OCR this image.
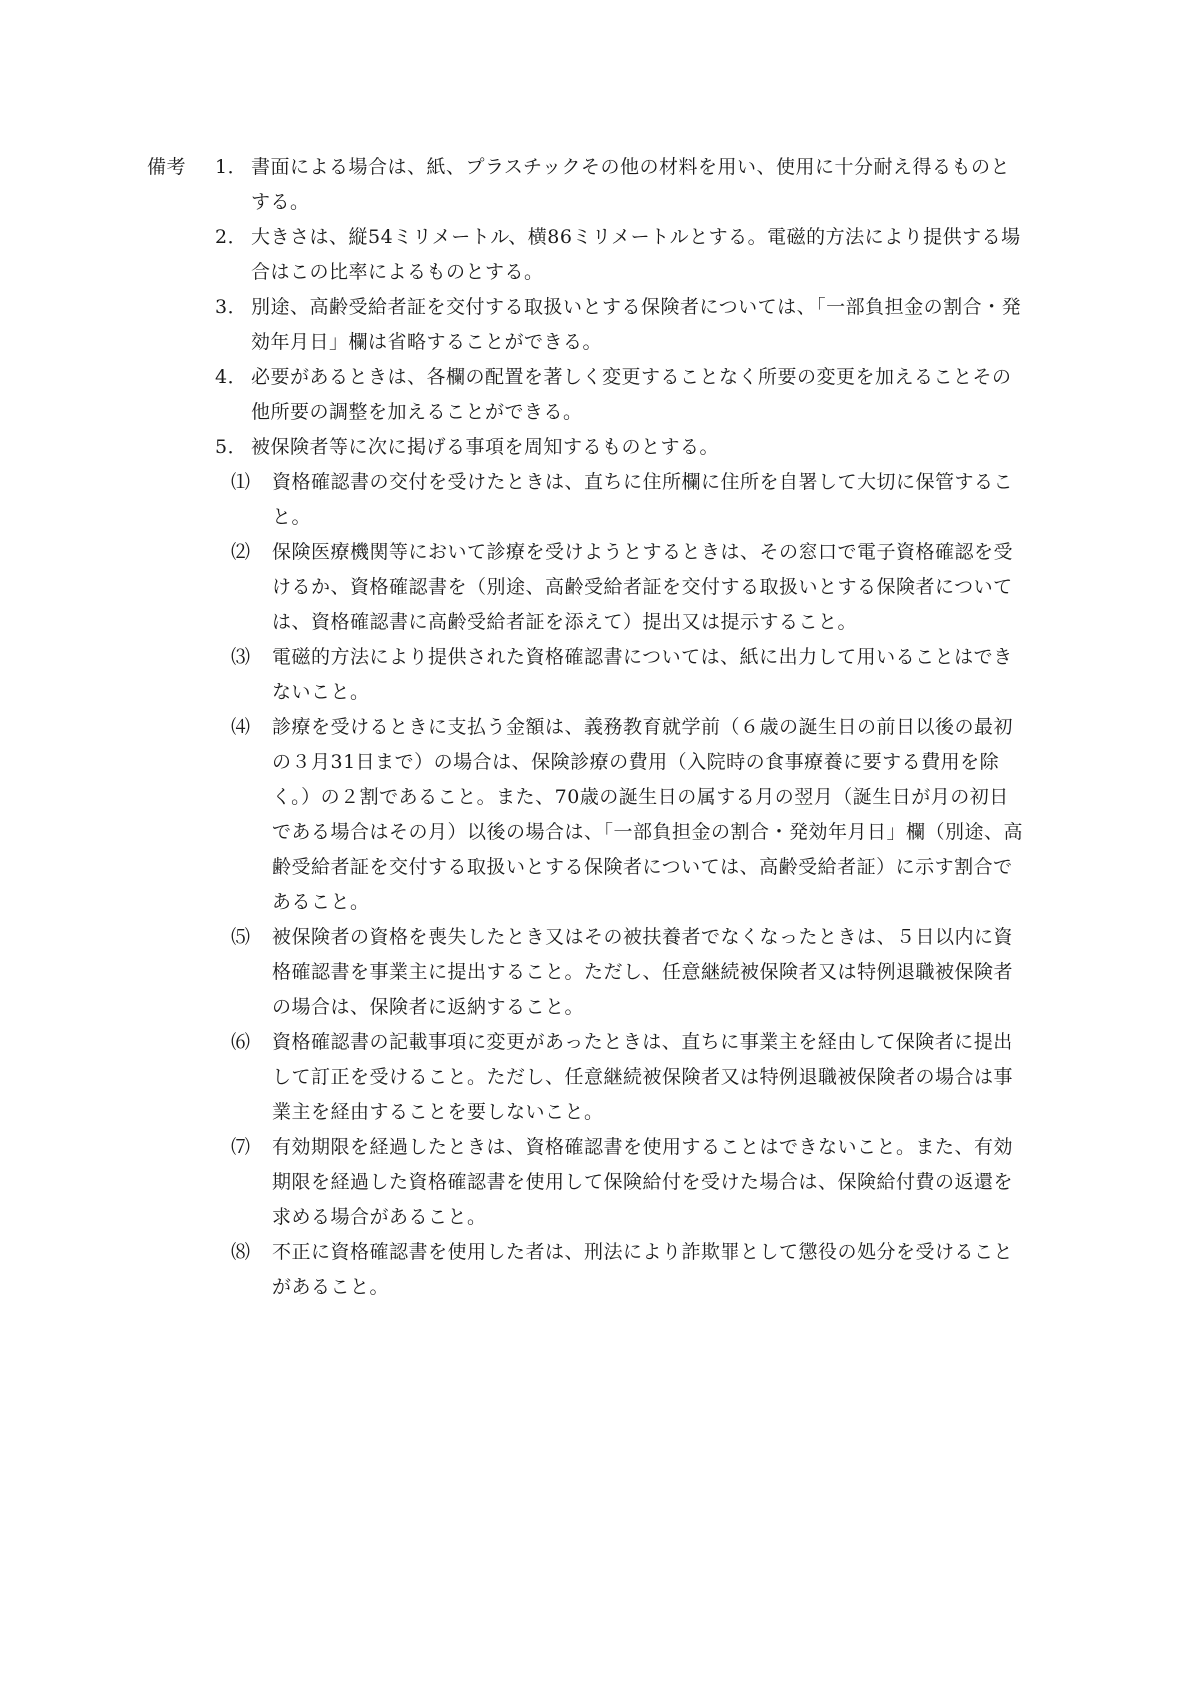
備考	1． 書面による場合は、紙、プラスチックその他の材料を用い、使用に十分耐え得るものとする。
2． 大きさは、縦54ミリメートル、横86ミリメートルとする。電磁的方法により提供する場合はこの比率によるものとする。
3． 別途、高齢受給者証を交付する取扱いとする保険者については、「一部負担金の割合・発効年月日」欄は省略することができる。
4． 必要があるときは、各欄の配置を著しく変更することなく所要の変更を加えることその他所要の調整を加えることができる。
5． 被保険者等に次に掲げる事項を周知するものとする。
⑴ 資格確認書の交付を受けたときは、直ちに住所欄に住所を自署して大切に保管すること。
⑵ 保険医療機関等において診療を受けようとするときは、その窓口で電子資格確認を受けるか、資格確認書を（別途、高齢受給者証を交付する取扱いとする保険者については、資格確認書に高齢受給者証を添えて）提出又は提示すること。
⑶ 電磁的方法により提供された資格確認書については、紙に出力して用いることはできないこと。
⑷ 診療を受けるときに支払う金額は、義務教育就学前（６歳の誕生日の前日以後の最初の３月31日まで）の場合は、保険診療の費用（入院時の食事療養に要する費用を除く。）の２割であること。また、70歳の誕生日の属する月の翌月（誕生日が月の初日である場合はその月）以後の場合は、「一部負担金の割合・発効年月日」欄（別途、高齢受給者証を交付する取扱いとする保険者については、高齢受給者証）に示す割合であること。
⑸ 被保険者の資格を喪失したとき又はその被扶養者でなくなったときは、５日以内に資格確認書を事業主に提出すること。ただし、任意継続被保険者又は特例退職被保険者の場合は、保険者に返納すること。
⑹ 資格確認書の記載事項に変更があったときは、直ちに事業主を経由して保険者に提出して訂正を受けること。ただし、任意継続被保険者又は特例退職被保険者の場合は事業主を経由することを要しないこと。
⑺ 有効期限を経過したときは、資格確認書を使用することはできないこと。また、有効期限を経過した資格確認書を使用して保険給付を受けた場合は、保険給付費の返還を求める場合があること。
⑻ 不正に資格確認書を使用した者は、刑法により詐欺罪として懲役の処分を受けることがあること。
